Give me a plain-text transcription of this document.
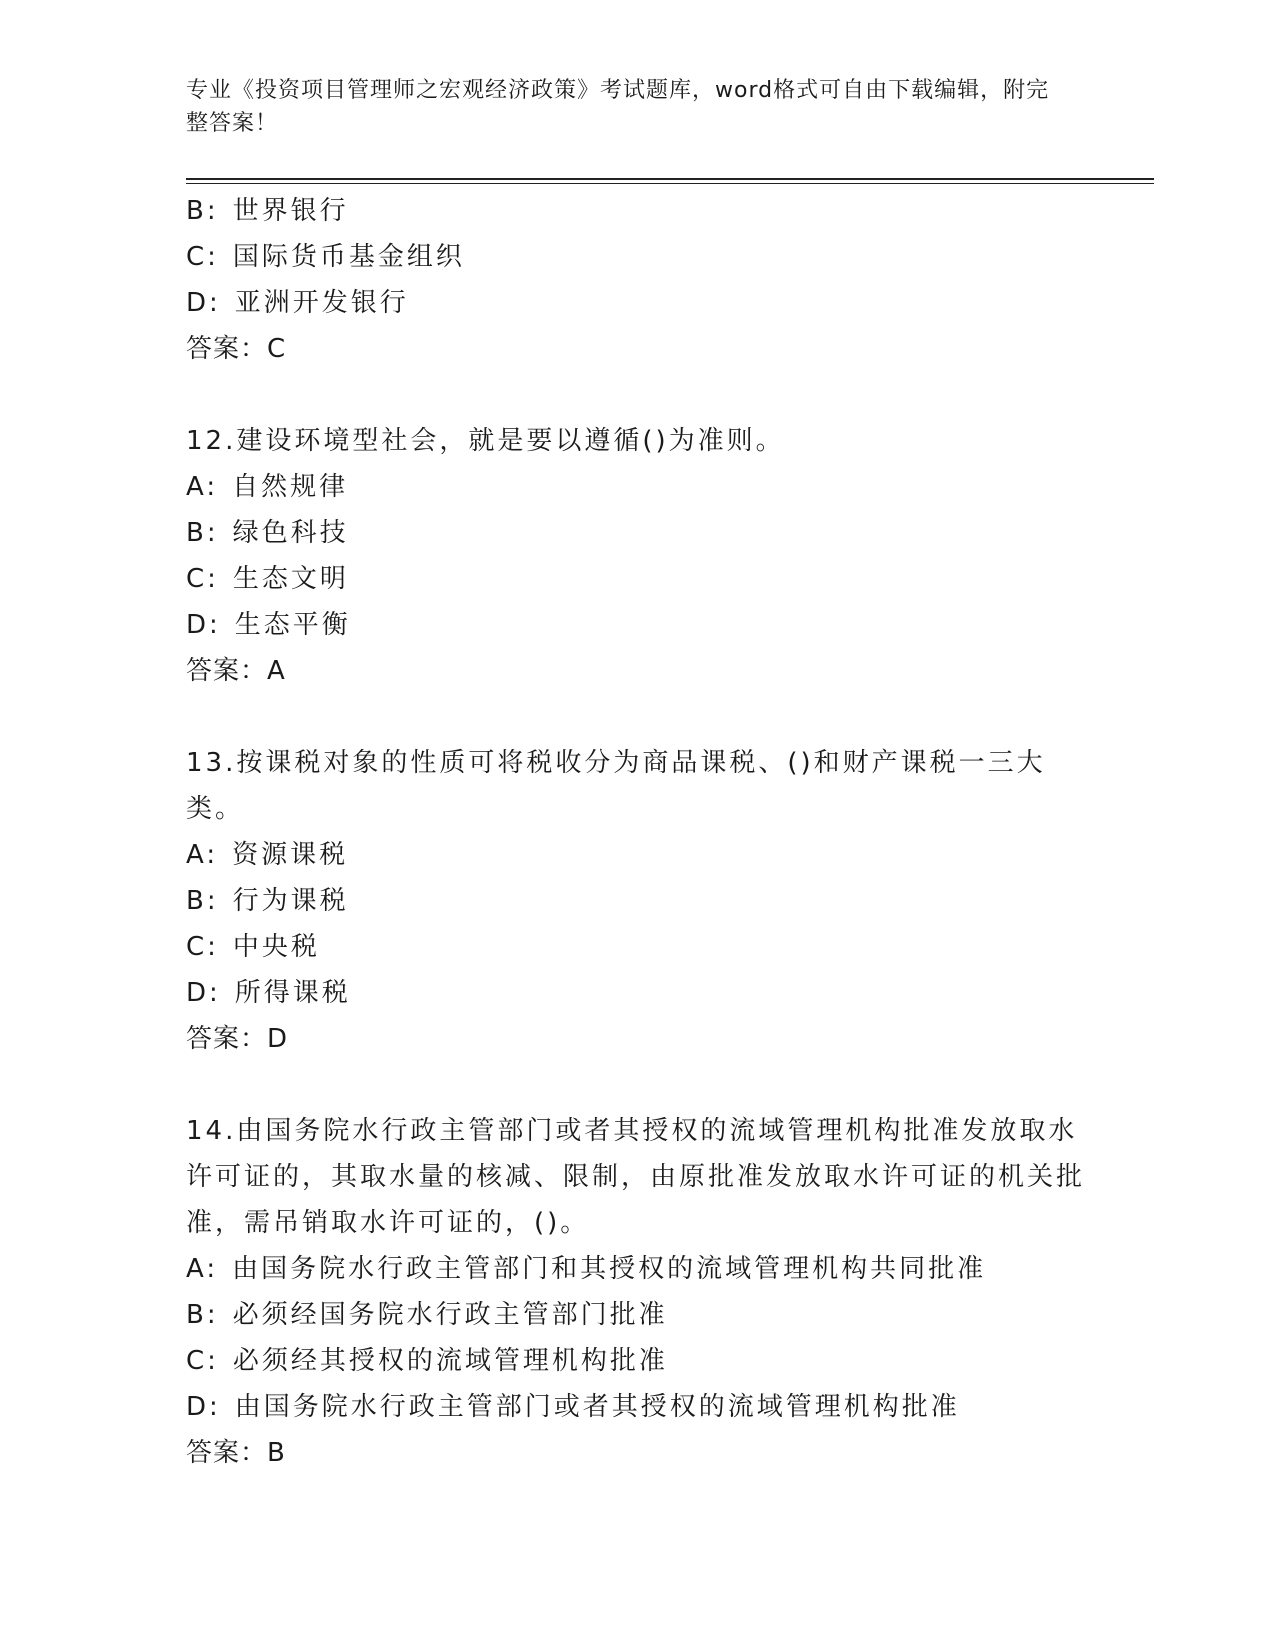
专业《投资项目管理师之宏观经济政策》考试题库，word格式可自由下载编辑，附完整答案！
B: 世界银行
C: 国际货币基金组织
D: 亚洲开发银行
答案：C
12.建设环境型社会，就是要以遵循()为准则。
A: 自然规律
B: 绿色科技
C: 生态文明
D: 生态平衡
答案：A
13.按课税对象的性质可将税收分为商品课税、()和财产课税一三大类。
A: 资源课税
B: 行为课税
C: 中央税
D: 所得课税
答案：D
14.由国务院水行政主管部门或者其授权的流域管理机构批准发放取水许可证的，其取水量的核减、限制，由原批准发放取水许可证的机关批准，需吊销取水许可证的，()。
A: 由国务院水行政主管部门和其授权的流域管理机构共同批准
B: 必须经国务院水行政主管部门批准
C: 必须经其授权的流域管理机构批准
D: 由国务院水行政主管部门或者其授权的流域管理机构批准
答案：B
